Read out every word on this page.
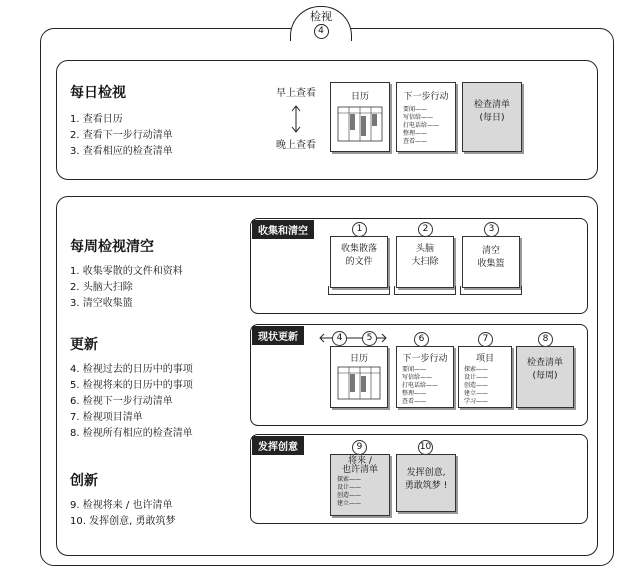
检视
4
每日检视
1. 查看日历
2. 查看下一步行动清单
3. 查看相应的检查清单
早上查看
晚上查看
日历	下一步行动
要闻——
写信给——
打电话给——
整理——
查看——
检查清单
(每日)
每周检视清空
1. 收集零散的文件和资料
2. 头脑大扫除
3. 清空收集篮
更新
4. 检视过去的日历中的事项
5. 检视将来的日历中的事项
6. 检视下一步行动清单
7. 检视项目清单
8. 检视所有相应的检查清单
创新
9. 检视将来 / 也许清单
10. 发挥创意, 勇敢筑梦
收集和清空	1
收集散落
的文件
2
头脑
大扫除
3
清空
收集篮
现状更新	4	5
日历
6
下一步行动
要闻——
写信给——
打电话给——
整理——
查看——
7
项目
探索——
设计——
创造——
建立——
学习——
8
检查清单
(每周)
发挥创意	9
将来 /
也许清单
探索——
设计——
创造——
建立——
10
发挥创意,
勇敢筑梦 !
